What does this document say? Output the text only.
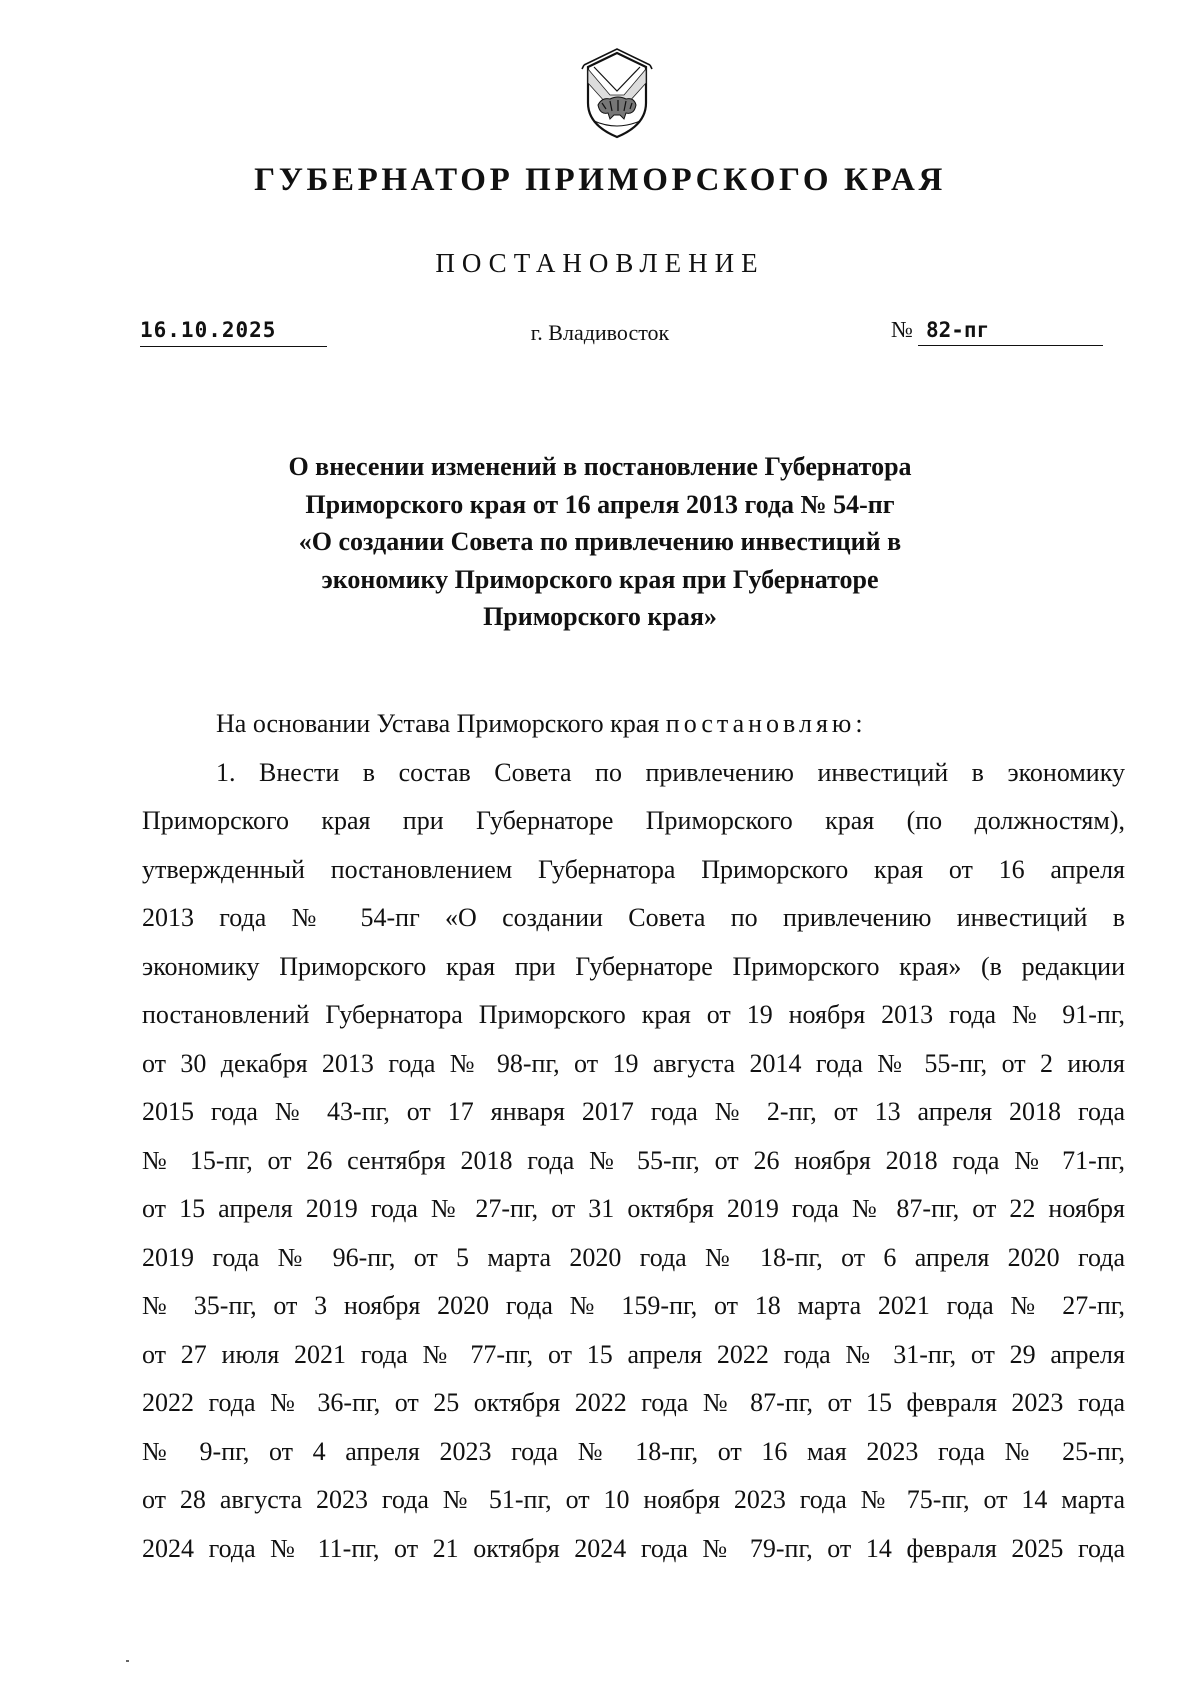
ГУБЕРНАТОР ПРИМОРСКОГО КРАЯ
ПОСТАНОВЛЕНИЕ
16.10.2025	г. Владивосток	№ 82-пг
О внесении изменений в постановление Губернатора
Приморского края от 16 апреля 2013 года № 54-пг
«О создании Совета по привлечению инвестиций в
экономику Приморского края при Губернаторе
Приморского края»
На основании Устава Приморского края постановляю:
1. Внести в состав Совета по привлечению инвестиций в экономику
Приморского края при Губернаторе Приморского края (по должностям),
утвержденный постановлением Губернатора Приморского края от 16 апреля
2013 года № 54-пг «О создании Совета по привлечению инвестиций в
экономику Приморского края при Губернаторе Приморского края» (в редакции
постановлений Губернатора Приморского края от 19 ноября 2013 года № 91-пг,
от 30 декабря 2013 года № 98-пг, от 19 августа 2014 года № 55-пг, от 2 июля
2015 года № 43-пг, от 17 января 2017 года № 2-пг, от 13 апреля 2018 года
№ 15-пг, от 26 сентября 2018 года № 55-пг, от 26 ноября 2018 года № 71-пг,
от 15 апреля 2019 года № 27-пг, от 31 октября 2019 года № 87-пг, от 22 ноября
2019 года № 96-пг, от 5 марта 2020 года № 18-пг, от 6 апреля 2020 года
№ 35-пг, от 3 ноября 2020 года № 159-пг, от 18 марта 2021 года № 27-пг,
от 27 июля 2021 года № 77-пг, от 15 апреля 2022 года № 31-пг, от 29 апреля
2022 года № 36-пг, от 25 октября 2022 года № 87-пг, от 15 февраля 2023 года
№ 9-пг, от 4 апреля 2023 года № 18-пг, от 16 мая 2023 года № 25-пг,
от 28 августа 2023 года № 51-пг, от 10 ноября 2023 года № 75-пг, от 14 марта
2024 года № 11-пг, от 21 октября 2024 года № 79-пг, от 14 февраля 2025 года
